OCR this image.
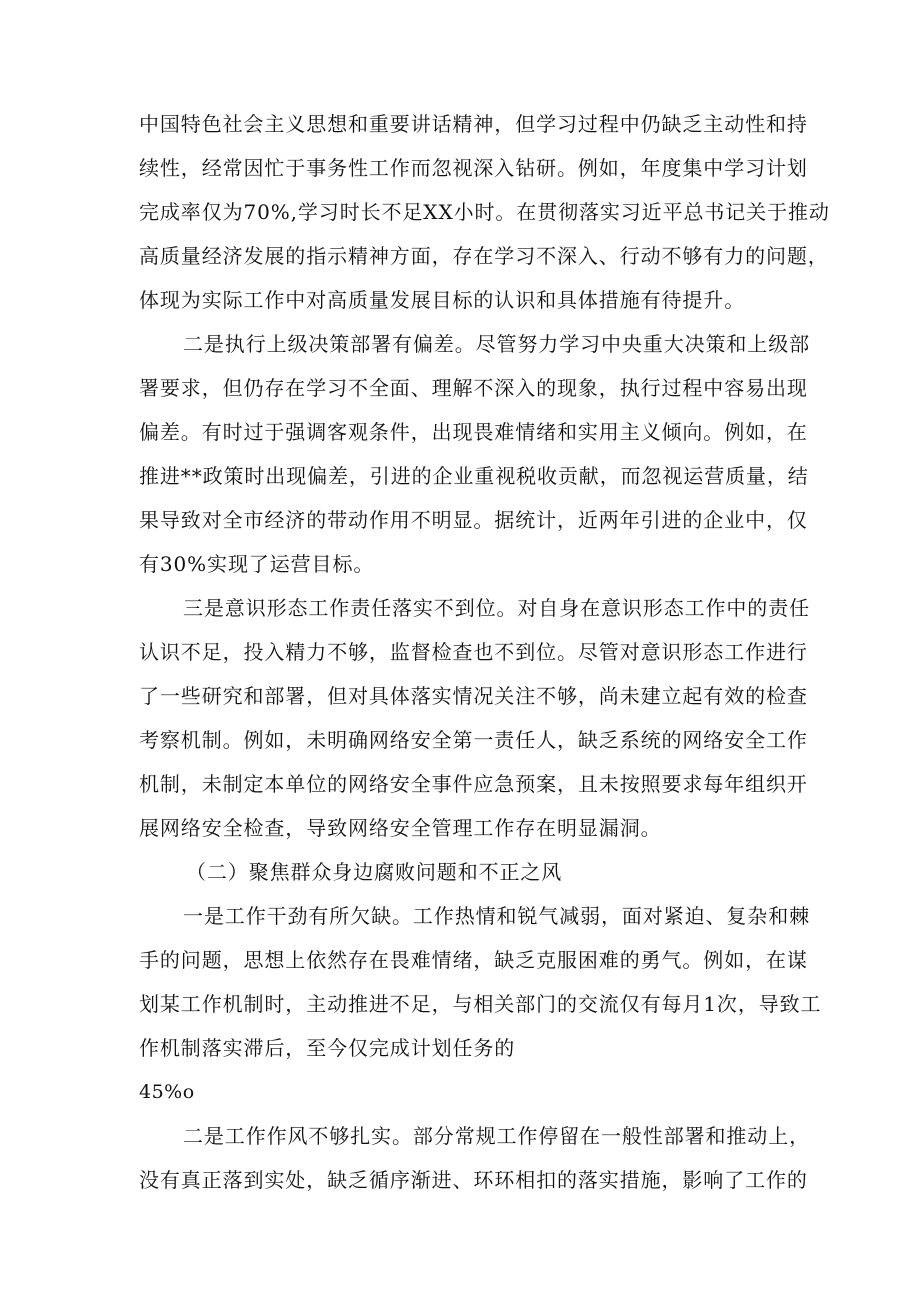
中国特色社会主义思想和重要讲话精神，但学习过程中仍缺乏主动性和持
续性，经常因忙于事务性工作而忽视深入钻研。例如，年度集中学习计划
完成率仅为70%,学习时长不足XX小时。在贯彻落实习近平总书记关于推动
高质量经济发展的指示精神方面，存在学习不深入、行动不够有力的问题，
体现为实际工作中对高质量发展目标的认识和具体措施有待提升。
二是执行上级决策部署有偏差。尽管努力学习中央重大决策和上级部
署要求，但仍存在学习不全面、理解不深入的现象，执行过程中容易出现
偏差。有时过于强调客观条件，出现畏难情绪和实用主义倾向。例如，在
推进**政策时出现偏差，引进的企业重视税收贡献，而忽视运营质量，结
果导致对全市经济的带动作用不明显。据统计，近两年引进的企业中，仅
有30%实现了运营目标。
三是意识形态工作责任落实不到位。对自身在意识形态工作中的责任
认识不足，投入精力不够，监督检查也不到位。尽管对意识形态工作进行
了一些研究和部署，但对具体落实情况关注不够，尚未建立起有效的检查
考察机制。例如，未明确网络安全第一责任人，缺乏系统的网络安全工作
机制，未制定本单位的网络安全事件应急预案，且未按照要求每年组织开
展网络安全检查，导致网络安全管理工作存在明显漏洞。
（二）聚焦群众身边腐败问题和不正之风
一是工作干劲有所欠缺。工作热情和锐气减弱，面对紧迫、复杂和棘
手的问题，思想上依然存在畏难情绪，缺乏克服困难的勇气。例如，在谋
划某工作机制时，主动推进不足，与相关部门的交流仅有每月1次，导致工
作机制落实滞后，至今仅完成计划任务的
45%o
二是工作作风不够扎实。部分常规工作停留在一般性部署和推动上，
没有真正落到实处，缺乏循序渐进、环环相扣的落实措施，影响了工作的
